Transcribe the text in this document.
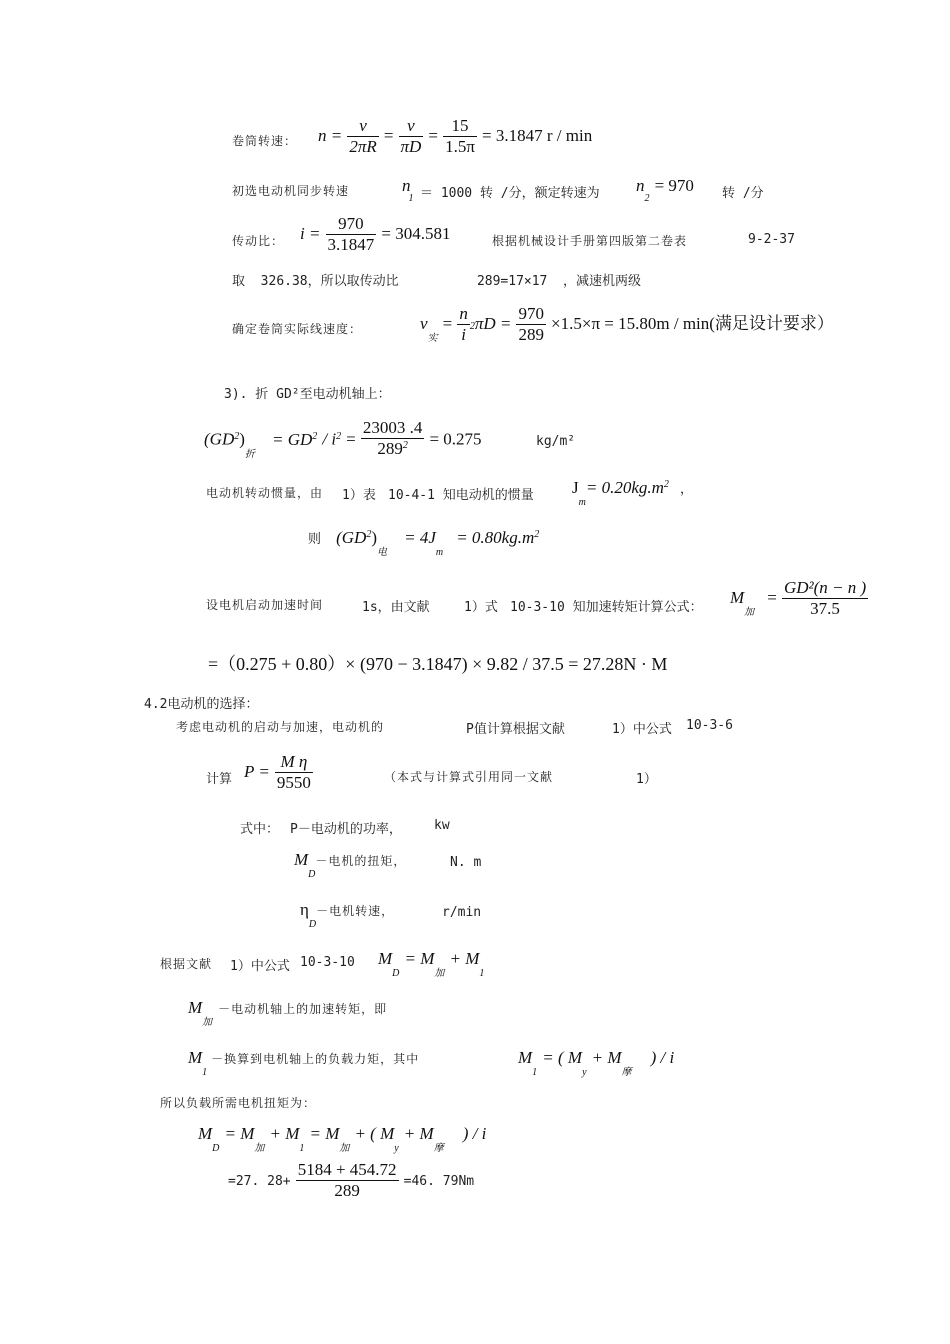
卷筒转速： $n = \frac{v}{2\pi R} = \frac{v}{\pi D} = \frac{15}{1.5\pi} = 3.1847$ r / min
初选电动机同步转速	$n_1 = 1000$ 转 /分，额定转速为 $n_2 = 970$ 转 /分
传动比： $i = \frac{970}{3.1847} = 304.581$	根据机械设计手册第四版第二卷表	9-2-37
取 326.38，所以取传动比	289=17×17 ，减速机两级
确定卷筒实际线速度：	$v_实 = \frac{n}{i} 2\pi D = \frac{970}{289} \times 1.5\times\pi = 15.80m / \min$(满足设计要求）
3). 折 GD²至电动机轴上：
$(GD^2)_折 = GD^2 / i^2 = \frac{23003 .4}{289^2} = 0.275$	kg/m²
电动机转动惯量，由 1）表 10-4-1 知电动机的惯量 $J_m= 0.20kg.m^2$ ，
则 $(GD^2)_电 = 4J_m = 0.80kg.m^2$
设电机启动加速时间	1s，由文献	1）式 10-3-10 知加速转矩计算公式：
$M_加 = \frac{\text{GD²(n − n )}}{37.5}$
=（0.275 + 0.80）× (970 − 3.1847) × 9.82 / 37.5 = 27.28N · M
4.2电动机的选择：
考虑电动机的启动与加速，电动机的	P值计算根据文献	1）中公式 10-3-6
计算 $P = \frac{\text{M η}}{9550}$	（本式与计算式引用同一文献	1）
式中： P－电动机的功率， kw
$M_D-$电机的扭矩，	N. m
$\eta_D-$电机转速，	r/min
根据文献 1）中公式 10-3-10 $M_D = M_加 + M_1$
$M_加-$电动机轴上的加速转矩，即
$M_1-$换算到电机轴上的负载力矩，其中	$M_1$ = ( $M_y + M_摩$ ) / i
所以负载所需电机扭矩为：
$M_D = M_加 + M_1 = M_加$ + ( $M_y + M_摩$ ) / i
=27. $28+ \frac{5184 + 454.72}{289} =46$. 79Nm
